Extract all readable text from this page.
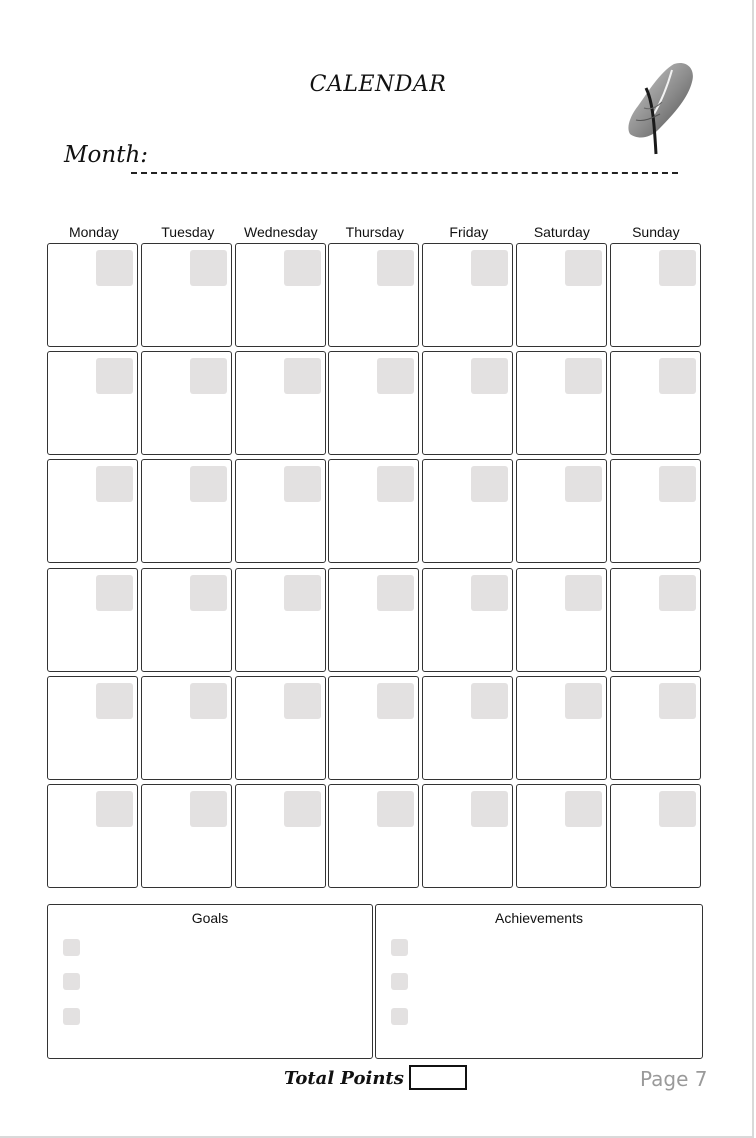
CALENDAR
Month:
Monday	Tuesday	Wednesday	Thursday	Friday	Saturday	Sunday
Goals	Achievements
Total Points	Page 7
